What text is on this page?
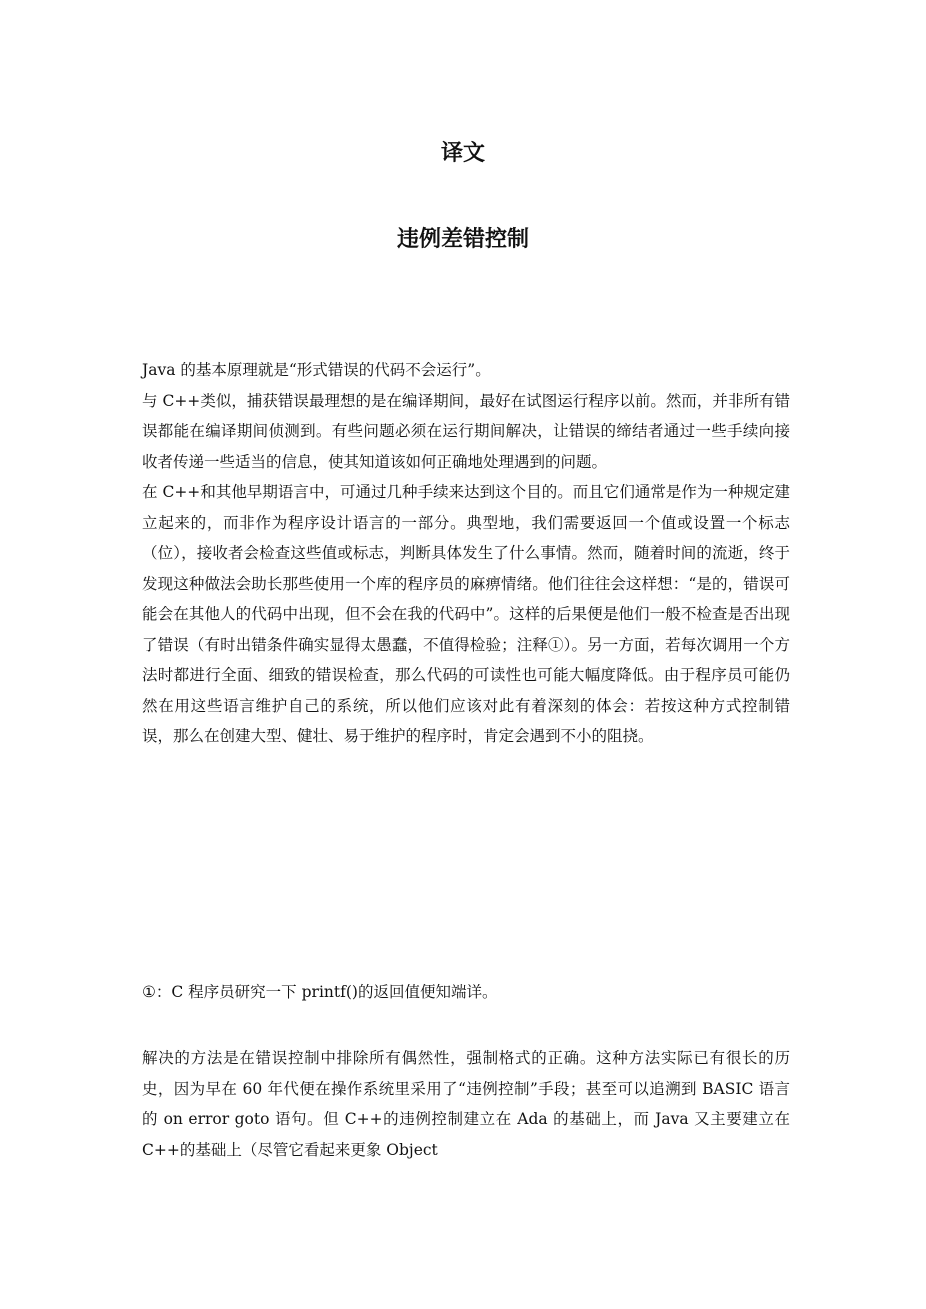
译文
违例差错控制

Java 的基本原理就是“形式错误的代码不会运行”。

与 C++类似，捕获错误最理想的是在编译期间，最好在试图运行程序以前。然而，并非所有错误都能在编译期间侦测到。有些问题必须在运行期间解决，让错误的缔结者通过一些手续向接收者传递一些适当的信息，使其知道该如何正确地处理遇到的问题。

在 C++和其他早期语言中，可通过几种手续来达到这个目的。而且它们通常是作为一种规定建立起来的，而非作为程序设计语言的一部分。典型地，我们需要返回一个值或设置一个标志（位），接收者会检查这些值或标志，判断具体发生了什么事情。然而，随着时间的流逝，终于发现这种做法会助长那些使用一个库的程序员的麻痹情绪。他们往往会这样想：“是的，错误可能会在其他人的代码中出现，但不会在我的代码中”。这样的后果便是他们一般不检查是否出现了错误（有时出错条件确实显得太愚蠢，不值得检验；注释①）。另一方面，若每次调用一个方法时都进行全面、细致的错误检查，那么代码的可读性也可能大幅度降低。由于程序员可能仍然在用这些语言维护自己的系统，所以他们应该对此有着深刻的体会：若按这种方式控制错误，那么在创建大型、健壮、易于维护的程序时，肯定会遇到不小的阻挠。

①：C 程序员研究一下 printf()的返回值便知端详。

解决的方法是在错误控制中排除所有偶然性，强制格式的正确。这种方法实际已有很长的历史，因为早在 60 年代便在操作系统里采用了“违例控制”手段；甚至可以追溯到 BASIC 语言的 on error goto 语句。但 C++的违例控制建立在 Ada 的基础上，而 Java 又主要建立在 C++的基础上（尽管它看起来更象 Object
